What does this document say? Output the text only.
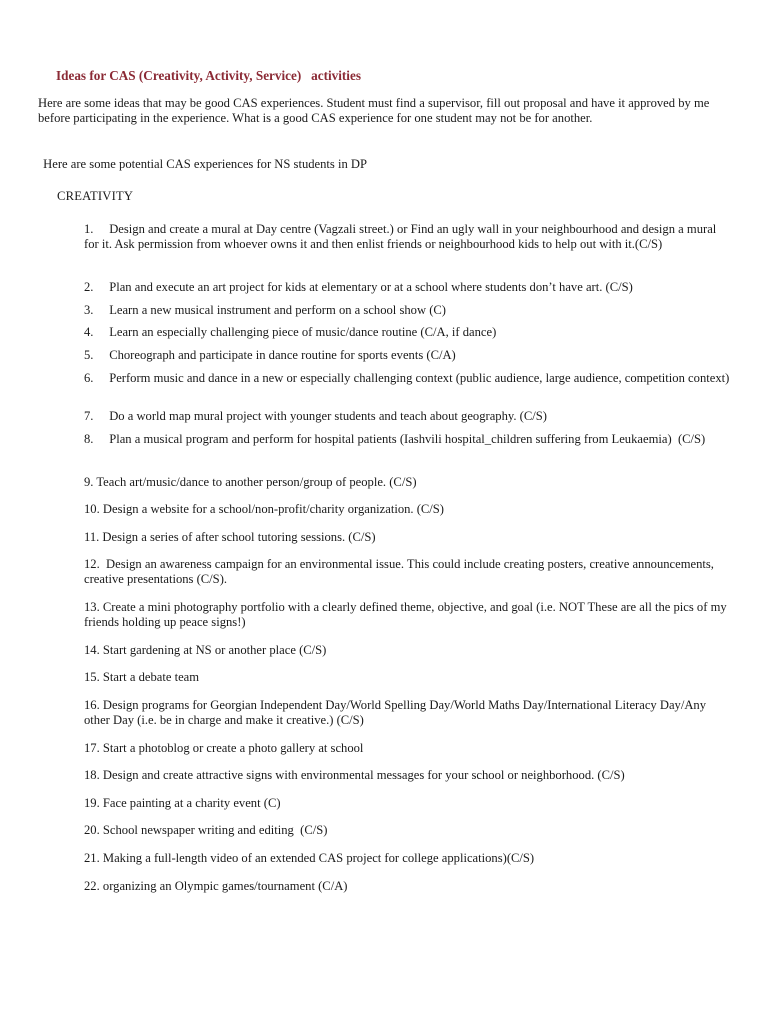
Ideas for CAS (Creativity, Activity, Service)   activities
Here are some ideas that may be good CAS experiences. Student must find a supervisor, fill out proposal and have it approved by me before participating in the experience. What is a good CAS experience for one student may not be for another.
Here are some potential CAS experiences for NS students in DP
CREATIVITY
1.     Design and create a mural at Day centre (Vagzali street.) or Find an ugly wall in your neighbourhood and design a mural for it. Ask permission from whoever owns it and then enlist friends or neighbourhood kids to help out with it.(C/S)
2.     Plan and execute an art project for kids at elementary or at a school where students don’t have art. (C/S)
3.     Learn a new musical instrument and perform on a school show (C)
4.     Learn an especially challenging piece of music/dance routine (C/A, if dance)
5.     Choreograph and participate in dance routine for sports events (C/A)
6.     Perform music and dance in a new or especially challenging context (public audience, large audience, competition context)
7.     Do a world map mural project with younger students and teach about geography. (C/S)
8.     Plan a musical program and perform for hospital patients (Iashvili hospital_children suffering from Leukaemia)  (C/S)
9. Teach art/music/dance to another person/group of people. (C/S)
10. Design a website for a school/non-profit/charity organization. (C/S)
11. Design a series of after school tutoring sessions. (C/S)
12.  Design an awareness campaign for an environmental issue. This could include creating posters, creative announcements, creative presentations (C/S).
13. Create a mini photography portfolio with a clearly defined theme, objective, and goal (i.e. NOT These are all the pics of my friends holding up peace signs!)
14. Start gardening at NS or another place (C/S)
15. Start a debate team
16. Design programs for Georgian Independent Day/World Spelling Day/World Maths Day/International Literacy Day/Any other Day (i.e. be in charge and make it creative.) (C/S)
17. Start a photoblog or create a photo gallery at school
18. Design and create attractive signs with environmental messages for your school or neighborhood. (C/S)
19. Face painting at a charity event (C)
20. School newspaper writing and editing  (C/S)
21. Making a full-length video of an extended CAS project for college applications)(C/S)
22. organizing an Olympic games/tournament (C/A)
